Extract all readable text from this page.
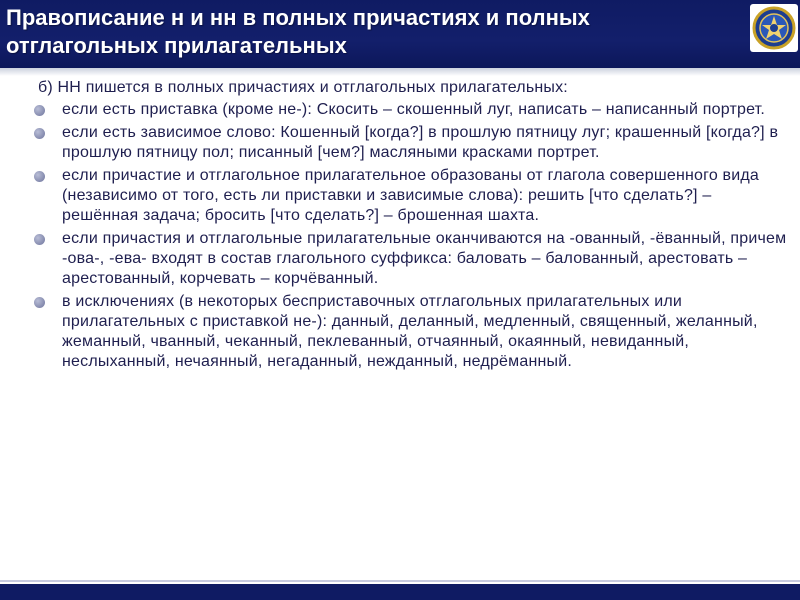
Правописание н и нн в полных причастиях и полных отглагольных прилагательных
б) НН пишется в полных причастиях и отглагольных прилагательных:
если есть приставка (кроме не-): Скосить – скошенный луг, написать – написанный портрет.
если есть зависимое слово: Кошенный [когда?] в прошлую пятницу луг; крашенный [когда?] в прошлую пятницу пол; писанный [чем?] масляными красками портрет.
если причастие и отглагольное прилагательное образованы от глагола совершенного вида (независимо от того, есть ли приставки и зависимые слова): решить [что сделать?] – решённая задача; бросить [что сделать?] – брошенная шахта.
если причастия и отглагольные прилагательные оканчиваются на -ованный, -ёванный, причем -ова-, -ева- входят в состав глагольного суффикса: баловать – балованный, арестовать – арестованный, корчевать – корчёванный.
в исключениях (в некоторых бесприставочных отглагольных прилагательных или прилагательных с приставкой не-): данный, деланный, медленный, священный, желанный, жеманный, чванный, чеканный, пеклеванный, отчаянный, окаянный, невиданный, неслыханный, нечаянный, негаданный, нежданный, недрёманный.
